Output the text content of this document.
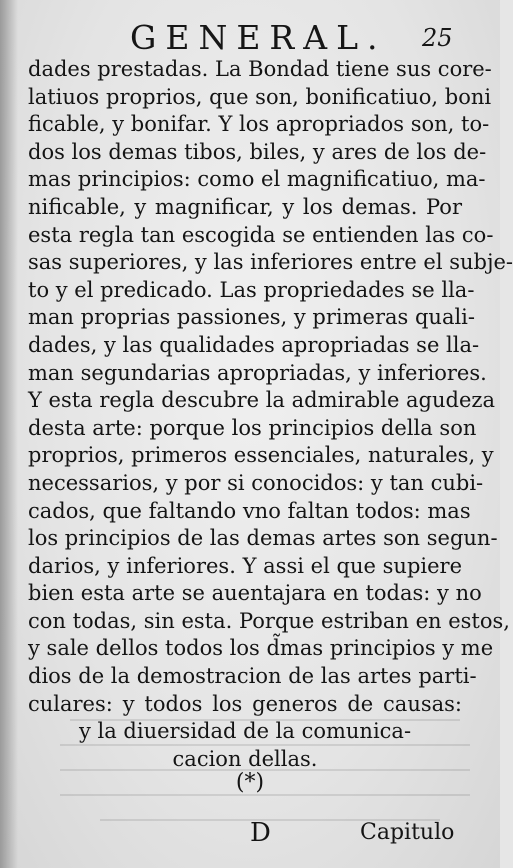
GENERAL. 25
dades prestadas. La Bondad tiene sus core-
latiuos proprios, que son, bonificatiuo, boni
ficable, y bonifar. Y los apropriados son, to-
dos los demas tibos, biles, y ares de los de-
mas principios: como el magnificatiuo, ma-
nificable, y magnificar, y los demas. Por
esta regla tan escogida se entienden las co-
sas superiores, y las inferiores entre el subje-
to y el predicado. Las propriedades se lla-
man proprias passiones, y primeras quali-
dades, y las qualidades apropriadas se lla-
man segundarias apropriadas, y inferiores.
Y esta regla descubre la admirable agudeza
desta arte: porque los principios della son
proprios, primeros essenciales, naturales, y
necessarios, y por si conocidos: y tan cubi-
cados, que faltando vno faltan todos: mas
los principios de las demas artes son segun-
darios, y inferiores. Y assi el que supiere
bien esta arte se auentajara en todas: y no
con todas, sin esta. Porque estriban en estos,
y sale dellos todos los d̃mas principios y me
dios de la demostracion de las artes parti-
culares: y todos los generos de causas:
y la diuersidad de la comunica-
cacion dellas.
(*)
D	Capitulo
